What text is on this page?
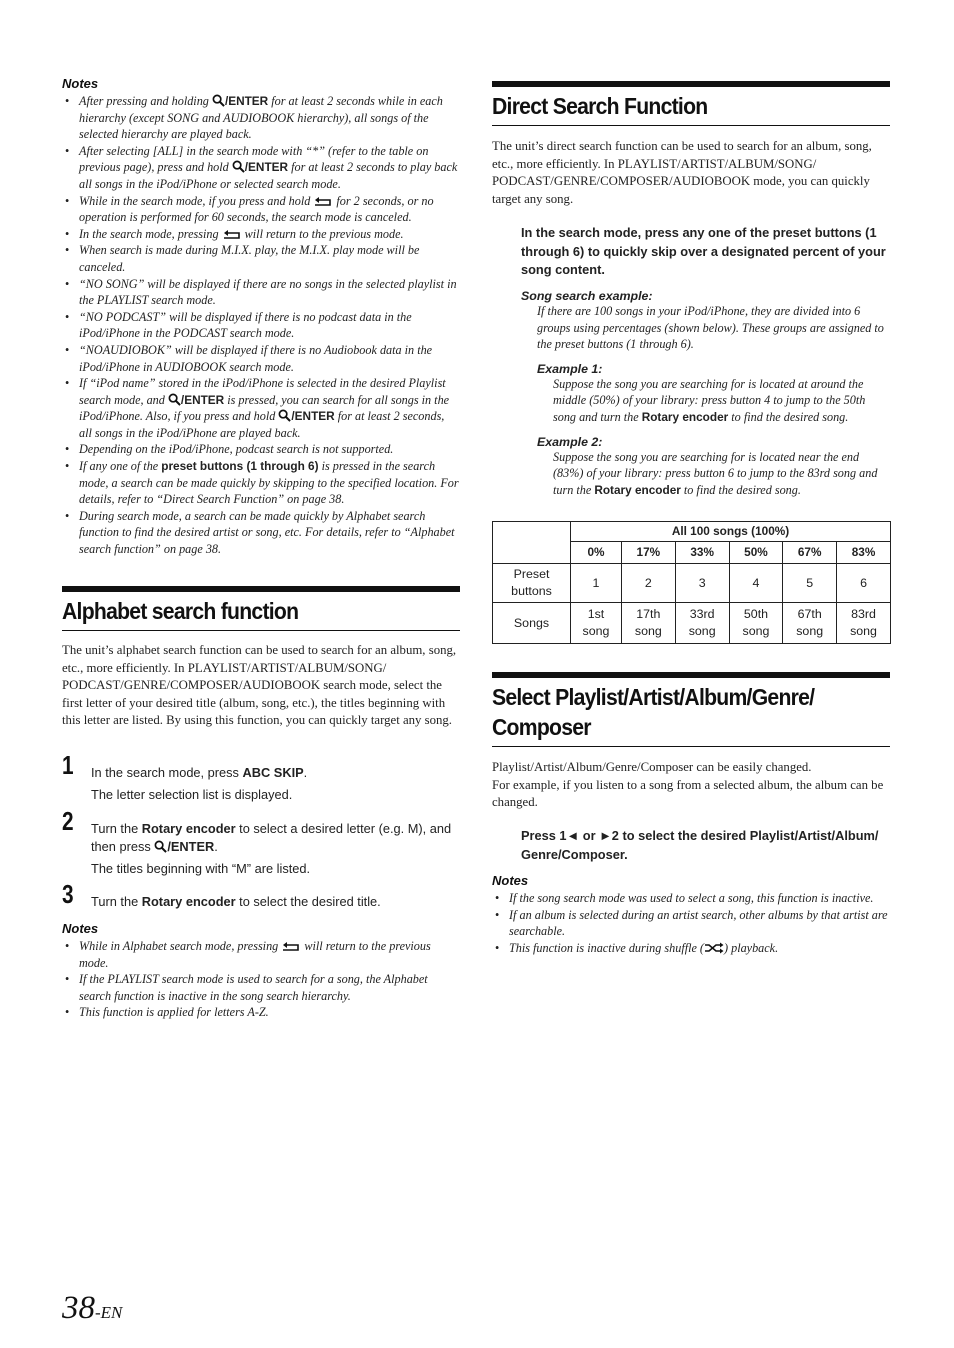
Notes
• After pressing and holding /ENTER for at least 2 seconds while in each hierarchy (except SONG and AUDIOBOOK hierarchy), all songs of the selected hierarchy are played back.
• After selecting [ALL] in the search mode with “*” (refer to the table on previous page), press and hold /ENTER for at least 2 seconds to play back all songs in the iPod/iPhone or selected search mode.
• While in the search mode, if you press and hold  for 2 seconds, or no operation is performed for 60 seconds, the search mode is canceled.
• In the search mode, pressing  will return to the previous mode.
• When search is made during M.I.X. play, the M.I.X. play mode will be canceled.
• “NO SONG” will be displayed if there are no songs in the selected playlist in the PLAYLIST search mode.
• “NO PODCAST” will be displayed if there is no podcast data in the iPod/iPhone in the PODCAST search mode.
• “NOAUDIOBOK” will be displayed if there is no Audiobook data in the iPod/iPhone in AUDIOBOOK search mode.
• If “iPod name” stored in the iPod/iPhone is selected in the desired Playlist search mode, and /ENTER is pressed, you can search for all songs in the iPod/iPhone. Also, if you press and hold /ENTER for at least 2 seconds, all songs in the iPod/iPhone are played back.
• Depending on the iPod/iPhone, podcast search is not supported.
• If any one of the preset buttons (1 through 6) is pressed in the search mode, a search can be made quickly by skipping to the specified location. For details, refer to “Direct Search Function” on page 38.
• During search mode, a search can be made quickly by Alphabet search function to find the desired artist or song, etc. For details, refer to “Alphabet search function” on page 38.
Alphabet search function

The unit’s alphabet search function can be used to search for an album, song, etc., more efficiently. In PLAYLIST/ARTIST/ALBUM/SONG/ PODCAST/GENRE/COMPOSER/AUDIOBOOK search mode, select the first letter of your desired title (album, song, etc.), the titles beginning with this letter are listed. By using this function, you can quickly target any song.

1 In the search mode, press ABC SKIP.
The letter selection list is displayed.
2 Turn the Rotary encoder to select a desired letter (e.g. M), and then press /ENTER.
The titles beginning with “M” are listed.
3 Turn the Rotary encoder to select the desired title.
Notes
• While in Alphabet search mode, pressing  will return to the previous mode.
• If the PLAYLIST search mode is used to search for a song, the Alphabet search function is inactive in the song search hierarchy.
• This function is applied for letters A-Z.
Direct Search Function

The unit’s direct search function can be used to search for an album, song, etc., more efficiently. In PLAYLIST/ARTIST/ALBUM/SONG/ PODCAST/GENRE/COMPOSER/AUDIOBOOK mode, you can quickly target any song.

In the search mode, press any one of the preset buttons (1 through 6) to quickly skip over a designated percent of your song content.
Song search example:
If there are 100 songs in your iPod/iPhone, they are divided into 6 groups using percentages (shown below). These groups are assigned to the preset buttons (1 through 6).
Example 1:
Suppose the song you are searching for is located at around the middle (50%) of your library: press button 4 to jump to the 50th song and turn the Rotary encoder to find the desired song.
Example 2:
Suppose the song you are searching for is located near the end (83%) of your library: press button 6 to jump to the 83rd song and turn the Rotary encoder to find the desired song.
	All 100 songs (100%)					
	0%	17%	33%	50%	67%	83%
Preset buttons	1	2	3	4	5	6
Songs	1st song	17th song	33rd song	50th song	67th song	83rd song
Select Playlist/Artist/Album/Genre/
Composer

Playlist/Artist/Album/Genre/Composer can be easily changed.

For example, if you listen to a song from a selected album, the album can be changed.

Press 1◄ or ►2 to select the desired Playlist/Artist/Album/ Genre/Composer.
Notes
• If the song search mode was used to select a song, this function is inactive.
• If an album is selected during an artist search, other albums by that artist are searchable.
• This function is inactive during shuffle ( ) playback.
38-EN
